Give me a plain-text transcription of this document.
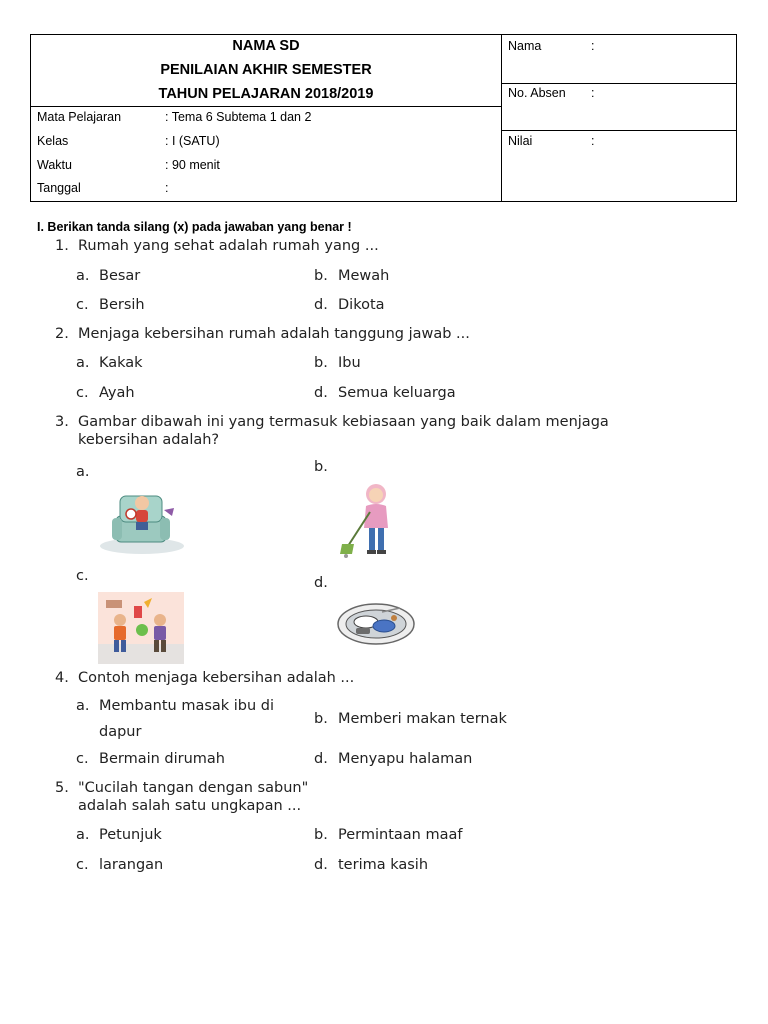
NAMA SD
PENILAIAN AKHIR SEMESTER
TAHUN PELAJARAN 2018/2019
Mata Pelajaran	: Tema 6 Subtema 1 dan 2
Kelas	: I (SATU)
Waktu	: 90 menit
Tanggal	:
Nama	:
No. Absen :
Nilai	:
I. Berikan tanda silang (x) pada jawaban yang benar !
1. Rumah yang sehat adalah rumah yang ...
a. Besar	b. Mewah
c. Bersih	d. Dikota
2. Menjaga kebersihan rumah adalah tanggung jawab ...
a. Kakak	b. Ibu
c. Ayah	d. Semua keluarga
3. Gambar dibawah ini yang termasuk kebiasaan yang baik dalam menjaga
kebersihan adalah?
a.	b.
c.	d.
4. Contoh menjaga kebersihan adalah ...
a. Membantu masak ibu di
dapur
b. Memberi makan ternak
c. Bermain dirumah	d. Menyapu halaman
5. "Cucilah tangan dengan sabun"
adalah salah satu ungkapan ...
a. Petunjuk	b. Permintaan maaf
c. larangan	d. terima kasih
